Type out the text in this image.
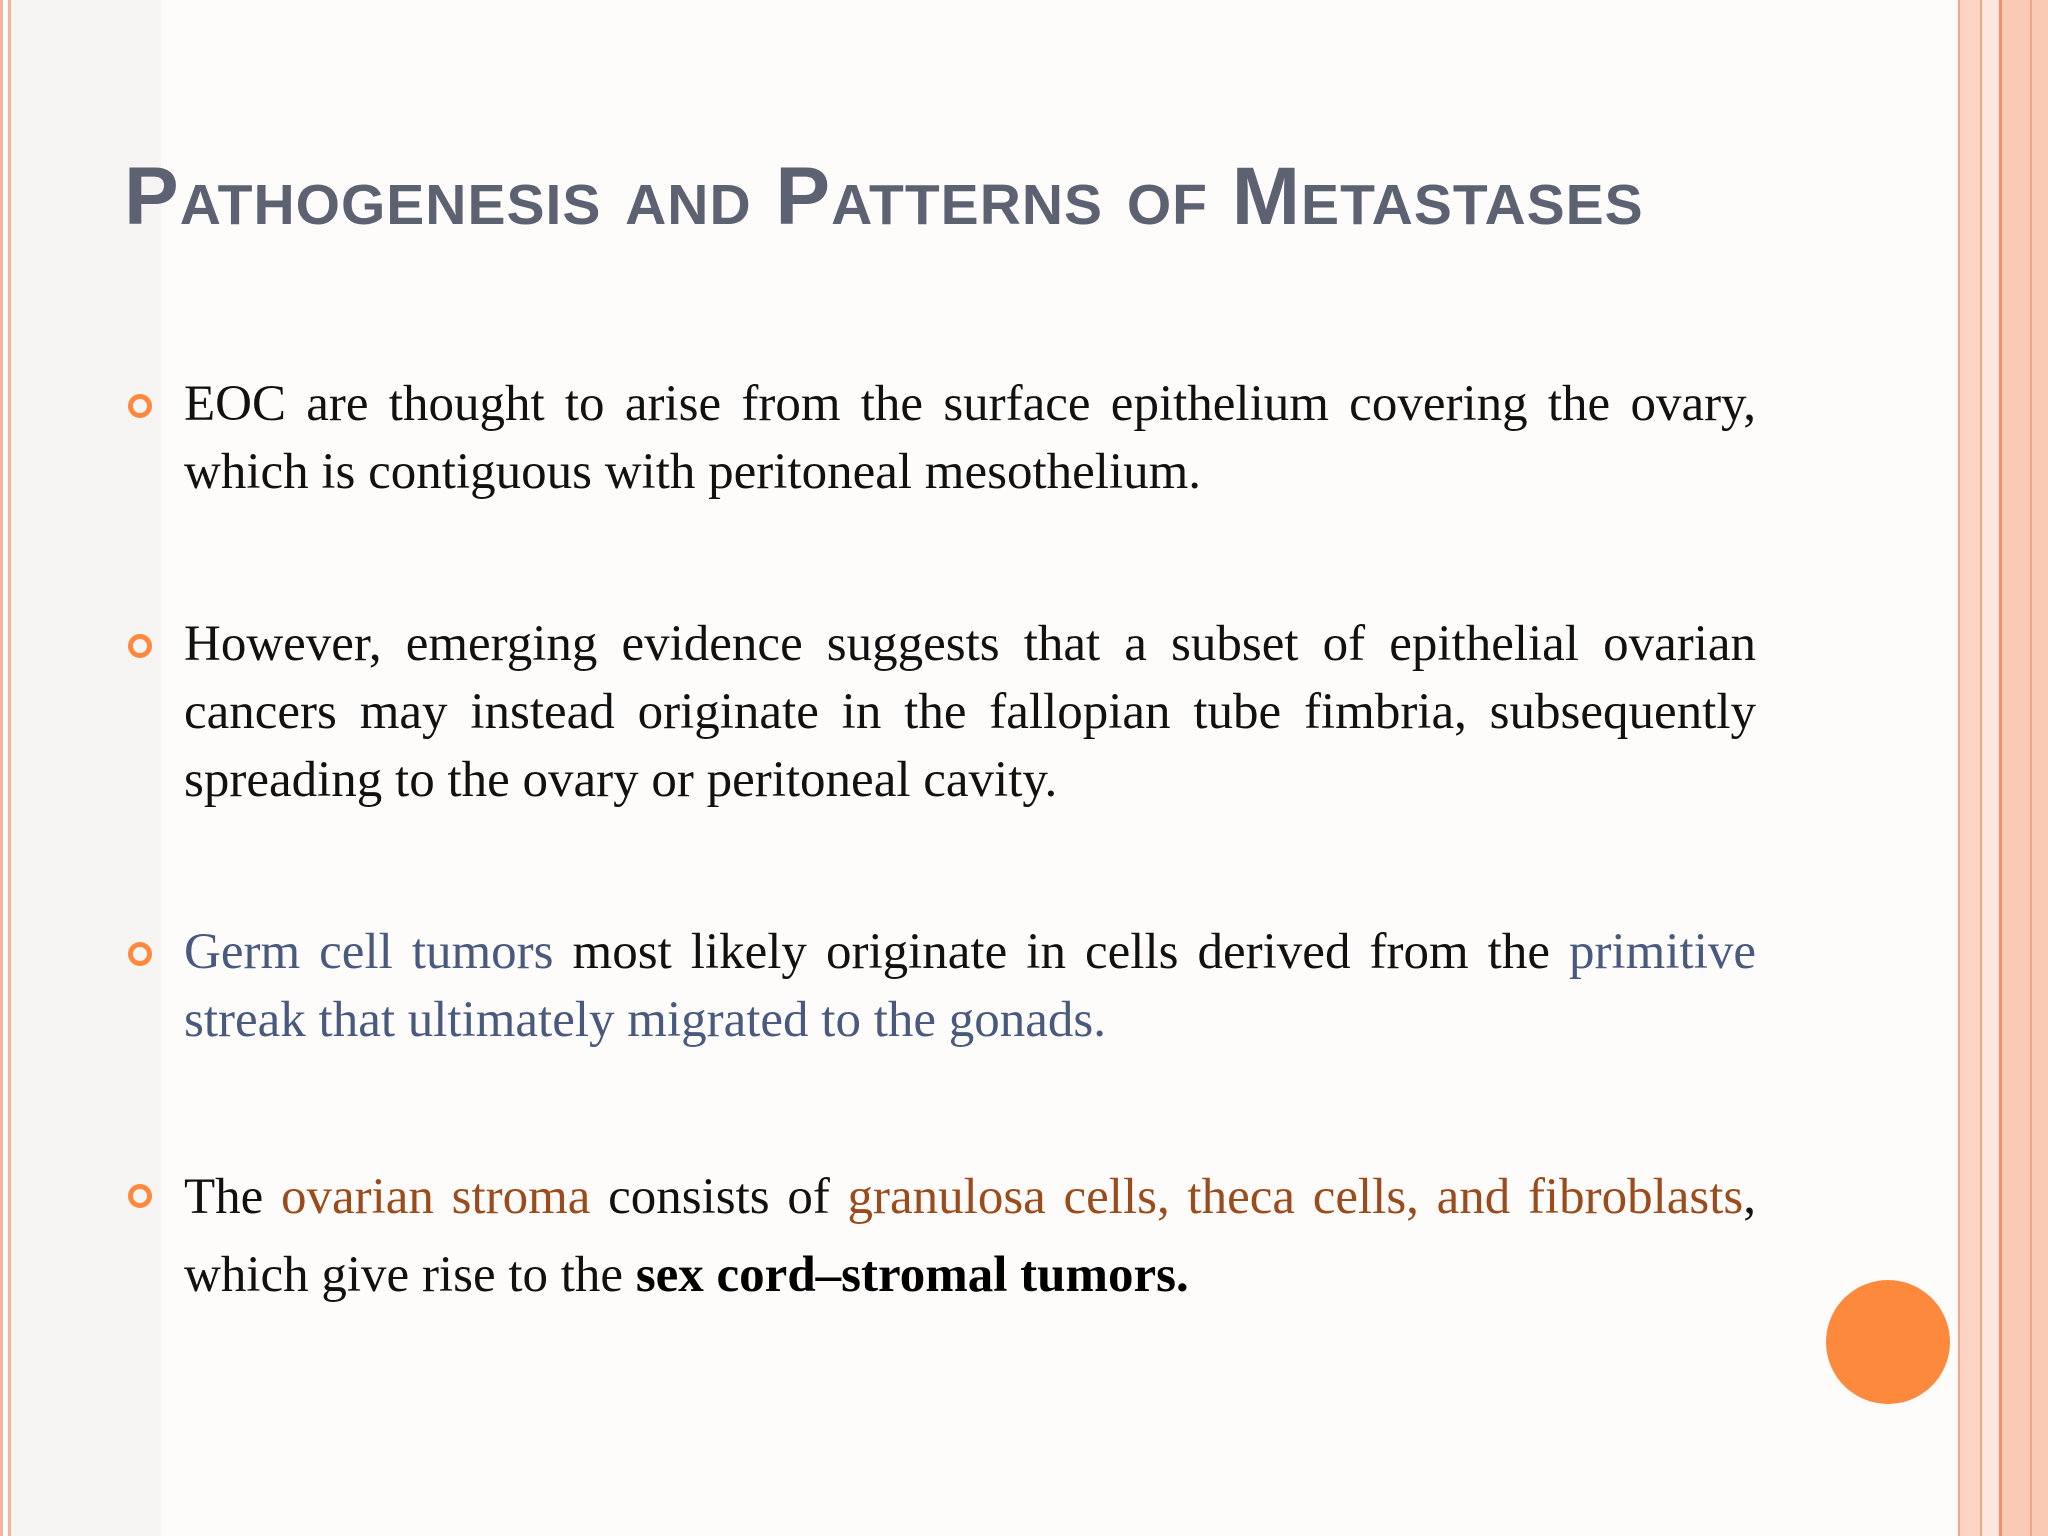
Pathogenesis and Patterns of Metastases
EOC are thought to arise from the surface epithelium covering the ovary, which is contiguous with peritoneal mesothelium.
However, emerging evidence suggests that a subset of epithelial ovarian cancers may instead originate in the fallopian tube fimbria, subsequently spreading to the ovary or peritoneal cavity.
Germ cell tumors most likely originate in cells derived from the primitive streak that ultimately migrated to the gonads.
The ovarian stroma consists of granulosa cells, theca cells, and fibroblasts, which give rise to the sex cord–stromal tumors.
